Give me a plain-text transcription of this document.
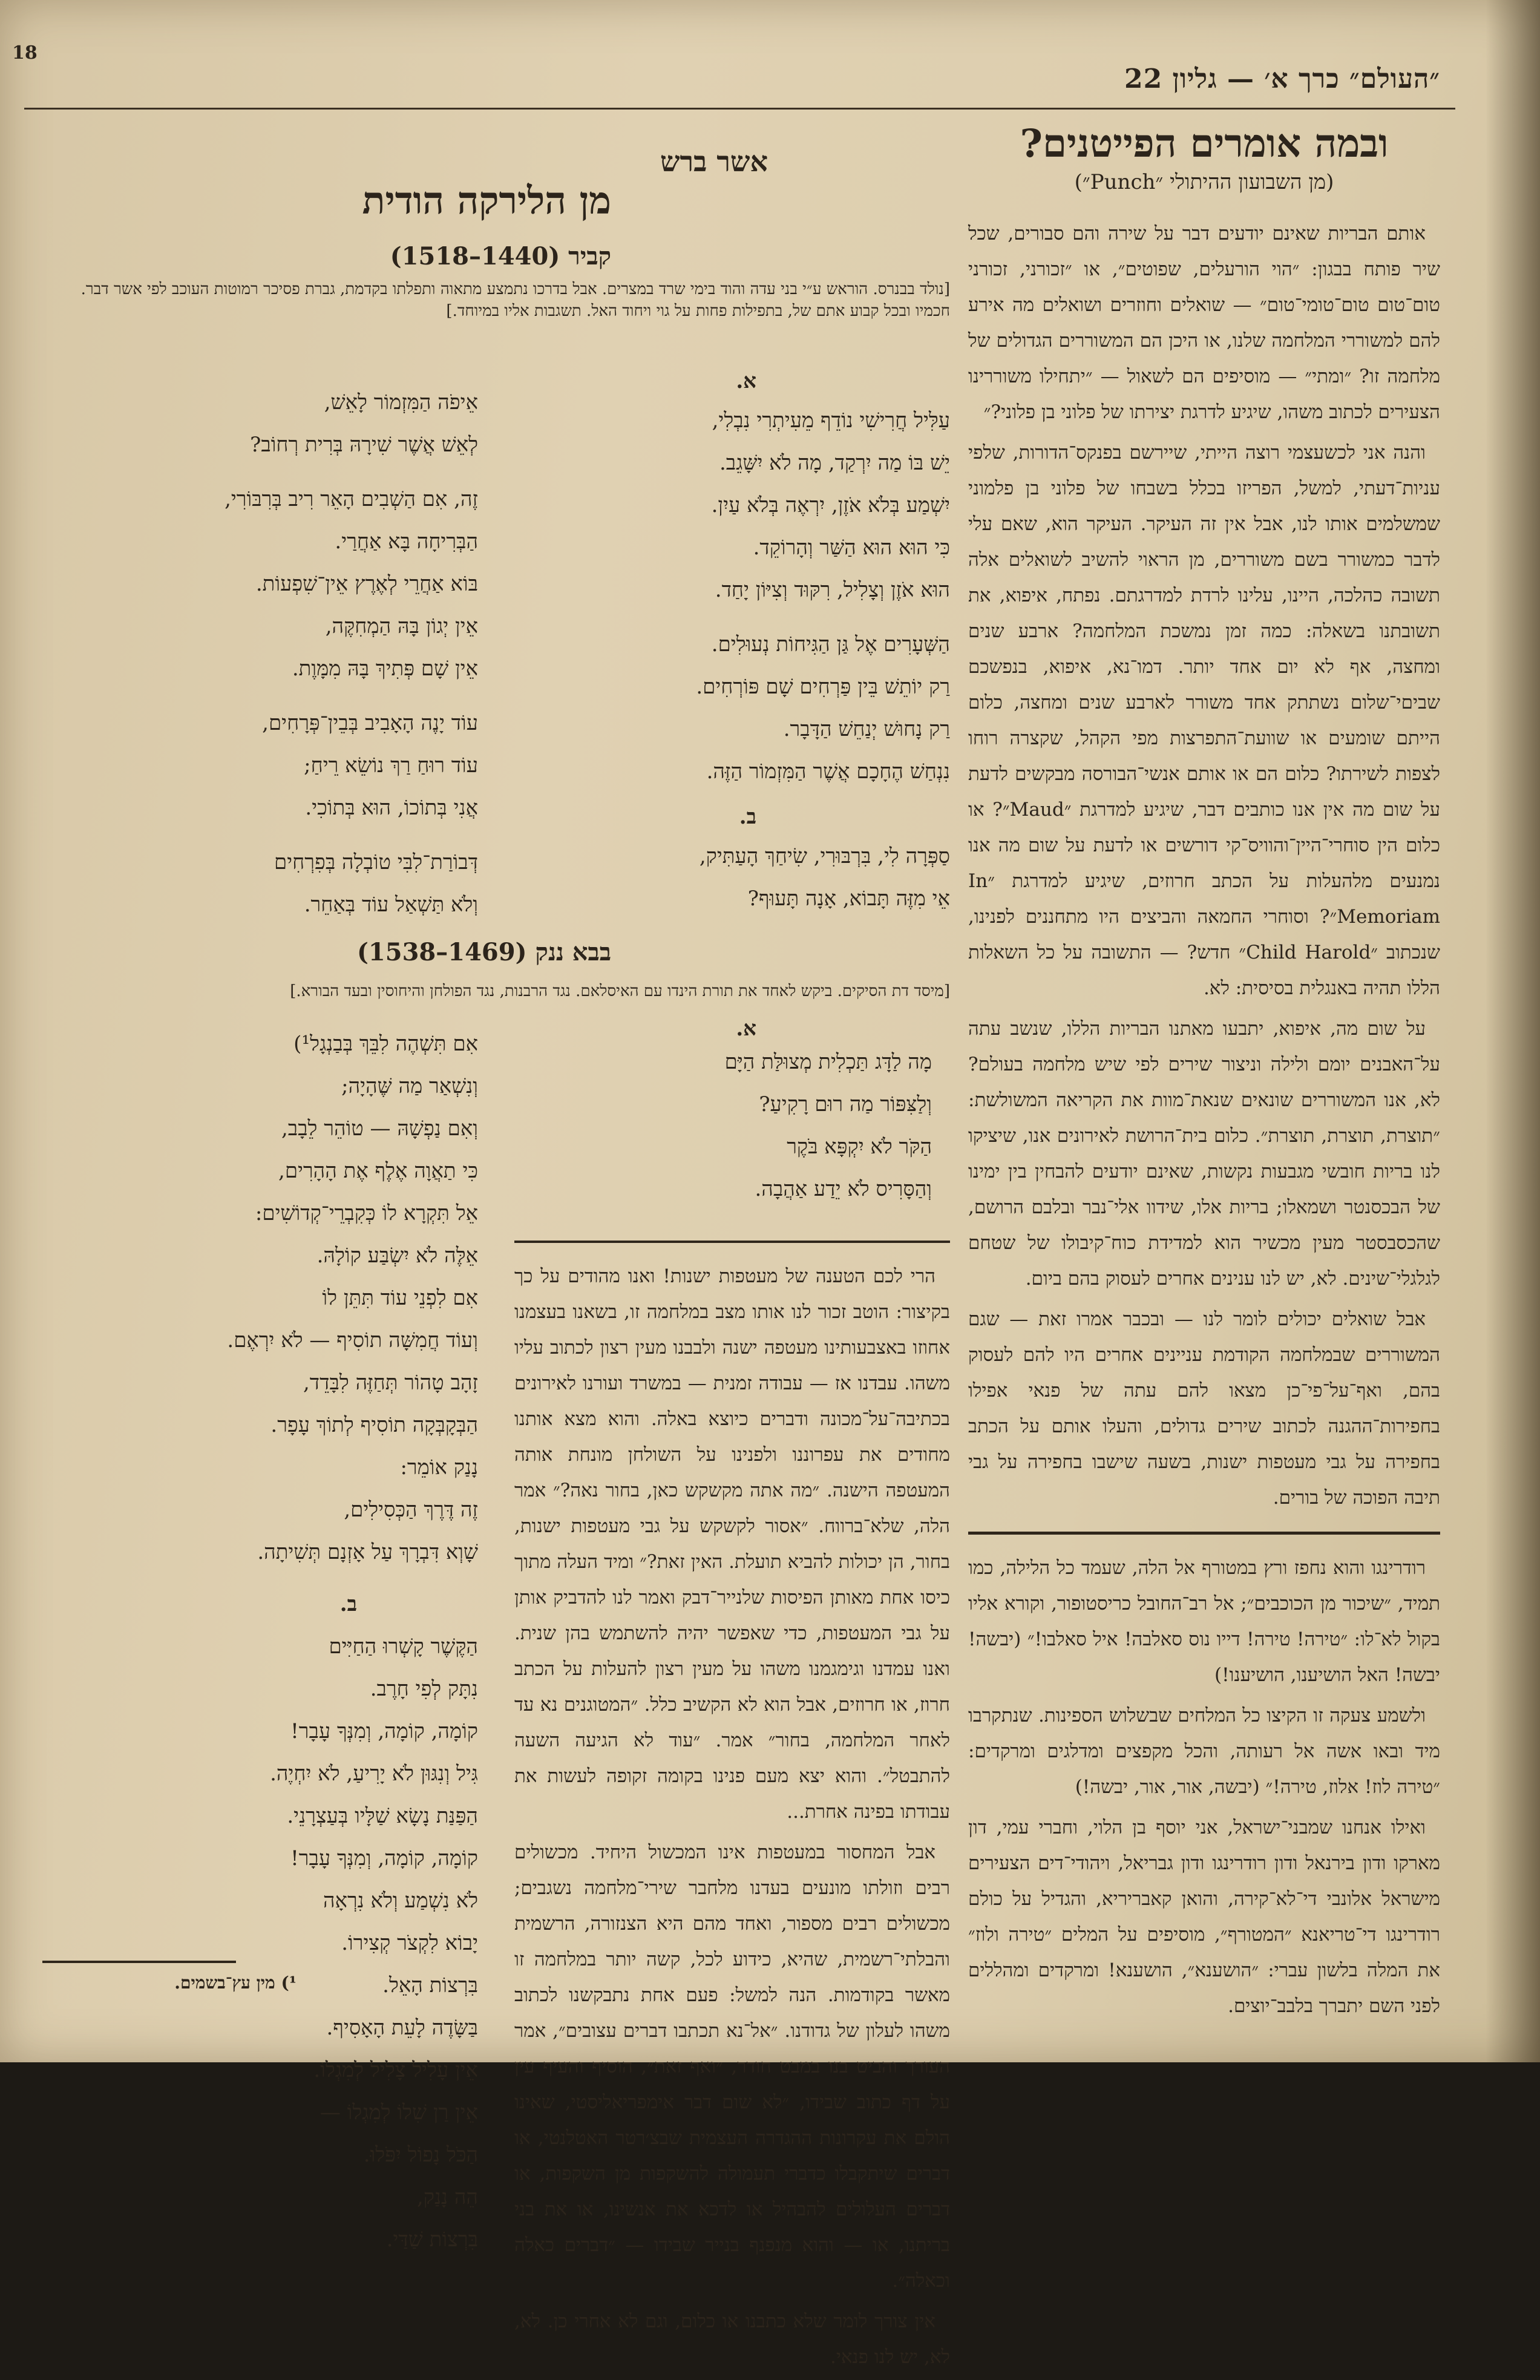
״העולם״ כרך א׳ — גליון 22
18
ובמה אומרים הפייטנים?
(מן השבועון ההיתולי ״Punch״)

אותם הבריות שאינם יודעים דבר על שירה והם סבורים, שכל שיר פותח בבגון: ״הוי הורעלים, שפוטים״, או ״זכורני, זכורני טום־טום טום־טומי־טום״ — שואלים וחוזרים ושואלים מה אירע להם למשוררי המלחמה שלנו, או היכן הם המשוררים הגדולים של מלחמה זו? ״ומתי״ — מוסיפים הם לשאול — ״יתחילו משוררינו הצעירים לכתוב משהו, שיגיע לדרגת יצירתו של פלוני בן פלוני?״

והנה אני לכשעצמי רוצה הייתי, שיירשם בפנקס־הדורות, שלפי עניות־דעתי, למשל, הפריזו בכלל בשבחו של פלוני בן פלמוני שמשלמים אותו לנו, אבל אין זה העיקר. העיקר הוא, שאם עלי לדבר כמשורר בשם משוררים, מן הראוי להשיב לשואלים אלה תשובה כהלכה, היינו, עלינו לרדת למדרגתם. נפתח, איפוא, את תשובתנו בשאלה: כמה זמן נמשכת המלחמה? ארבע שנים ומחצה, אף לא יום אחד יותר. דמו־נא, איפוא, בנפשכם שביםי־שלום נשתתק אחד משורר לארבע שנים ומחצה, כלום הייתם שומעים או שוועת־התפרצות מפי הקהל, שקצרה רוחו לצפות לשירתו? כלום הם או אותם אנשי־הבורסה מבקשים לדעת על שום מה אין אנו כותבים דבר, שיגיע למדרגת ״Maud״? או כלום הין סוחרי־היין־והוויס־קי דורשים או לדעת על שום מה אנו נמנעים מלהעלות על הכתב חרוזים, שיגיע למדרגת ״In Memoriam״? וסוחרי החמאה והביצים היו מתחננים לפנינו, שנכתוב ״Child Harold״ חדש? — התשובה על כל השאלות הללו תהיה באנגלית בסיסית: לא.

על שום מה, איפוא, יתבעו מאתנו הבריות הללו, שנשב עתה על־האבנים יומם ולילה וניצור שירים לפי שיש מלחמה בעולם? לא, אנו המשוררים שונאים שנאת־מוות את הקריאה המשולשת: ״תוצרת, תוצרת, תוצרת״. כלום בית־הרושת לאירונים אנו, שיציקו לנו בריות חובשי מגבעות נקשות, שאינם יודעים להבחין בין ימינו של הבכסנטר ושמאלו; בריות אלו, שידוו אלי־נבר ובלבם הרושם, שהכסבסטר מעין מכשיר הוא למדידת כוח־קיבולו של שטחם לגלגלי־שינים. לא, יש לנו ענינים אחרים לעסוק בהם ביום.

אבל שואלים יכולים לומר לנו — ובכבר אמרו זאת — שגם המשוררים שבמלחמה הקודמת עניינים אחרים היו להם לעסוק בהם, ואף־על־פי־כן מצאו להם עתה של פנאי אפילו בחפירות־ההגנה לכתוב שירים גדולים, והעלו אותם על הכתב בחפירה על גבי מעטפות ישנות, בשעה שישבו בחפירה על גבי תיבה הפוכה של בורים.

רודרינגו והוא נחפז ורץ במטורף אל הלה, שעמד כל הלילה, כמו תמיד, ״שיכור מן הכוכבים״; אל רב־החובל כריסטופור, וקורא אליו בקול לא־לו: ״טירה! טירה! דייו נוס סאלבה! איל סאלבו!״ (יבשה! יבשה! האל הושיענו, הושיענו!)

ולשמע צעקה זו הקיצו כל המלחים שבשלוש הספינות. שנתקרבו מיד ובאו אשה אל רעותה, והכל מקפצים ומדלגים ומרקדים: ״טירה לוז! אלוז, טירה!״ (יבשה, אור, אור, יבשה!)

ואילו אנחנו שמבני־ישראל, אני יוסף בן הלוי, וחברי עמי, דון מארקו ודון בירנאל ודון רודרינגו ודון גבריאל, ויהודי־דים הצעירים מישראל אלונבי די־לא־קירה, והואן קאבריריא, והגדיל על כולם רודרינגו די־טריאנא ״המטורף״, מוסיפים על המלים ״טירה ולוז״ את המלה בלשון עברי: ״הושענא״, הושענא! ומרקדים ומהללים לפני השם יתברך בלבב־יוצים.

אשר ברש
מן הלירקה הודית
קביר (1440–1518)
[נולד בבנרס. הוראש ע״י בני עדה והוד בימי שרד במצרים. אבל בדרכו נתמצע מתאוה ותפלתו בקדמת, גברת פסיכר רמוטות העוכב לפי אשר דבר. חכמיו ובכל קבוע אתם של, בתפילות פחות על גוי ויחוד האל. תשגבות אליו במיוחד.]
א.
עַלִּיל חֲרִישִׁי נוֹדֵף מֵעִיתְרִי נִבְלִי,
יֵשׁ בּוֹ מַה יִרְקַד, מָה לֹא יִשָּׁגֵב.
יִשְׁמַע בְּלֹא אֹזֶן, יִרְאֶה בְּלֹא עַיִן.
כִּי הוּא הוּא הַשַּׁר וְהָרוֹקֵד.
הוּא אֹזֶן וְצָלִיל, רִקּוּד וְצִיּוֹן יָחַד.
הַשְּׁעָרִים אֶל גַּן הַגִּיחוֹת נְעוּלִים.
רַק יוֹתֵשׁ בֵּין פַּרְחִים שָׁם פּוֹרְחִים.
רַק נָחוּשׁ יְנַחֵשׁ הַדָּבָר.
נִנְחַשׁ הֶחָכָם אֲשֶׁר הַמִּזְמוֹר הַזֶּה.
אֵיפֹה הַמִּזְמוֹר לָאֵשׁ,
לְאֵשׁ אֲשֶׁר שִׁירָהּ בְּרִית רְחוֹב?
זֶה, אִם הַשְׁבִים הָאֵר רִיב בְּרִבּוֹרִי,
הַבְּרִיחָה בָּא אַחֲרַי.
בּוֹא אַחֲרֵי לְאֶרֶץ אֵין־שִׁפְעוֹת.
אֵין יְגוֹן בָּהּ הַמְחִקֶּה,
אֵין שָׁם פְּתִיךְ בָּהּ מִמָּוֶת.
עוֹד יָנֶה הָאָבִיב בְּבֵין־פְּרָחִים,
עוֹד רוּחַ רַךְ נוֹשֵׂא רֵיחַ;
אֲנִי בְּתוֹכוֹ, הוּא בְּתוֹכִי.
דְּבוֹרַת־לִבִּי טוֹבְלָה בְּפִרְחִים
וְלֹא תַּשְׁאַל עוֹד בְּאַחֵר.
ב.
סַפְּרָה לִי, בִּרְבּוּרִי, שִׂיחַךְ הָעַתִּיק,
אֵי מִזֶּה תָּבוֹא, אָנָה תָּעוּף?
בבא ננק (1469–1538)
[מיסד דת הסיקים. ביקש לאחד את תורת הינדו עם האיסלאם. נגד הרבנות, נגד הפולחן והיחוסין ובעד הבורא.]
א.
מָה לַדָּג תַּכְלִית מְצוּלַּת הַיָּם
וְלַצִּפּוֹר מַה רוּם רָקִיעַ?
הַקֹּר לֹא יִקְפָּא בֹּקֶר
וְהַסָּרִיס לֹא יֵדַע אַהֲבָה.
אִם תִּשְׁהֶה לִבֵּךְ בְּבַנְגָל¹)
וְנִשְׁאַר מַה שֶּׁהָיָה;
וְאִם נַפְשָׁהּ — טוֹהֵר לֵבָב,
כִּי תַאֲוָה אֶלֶף אֶת הָהָרִים,
אֵל תִּקְרָא לוֹ כְּקִבְרֵי־קְדוֹשִׁים:
אֵלֶּה לֹא יִשְׂבַּע קוֹלָהּ.
אִם לִפְנֵי עוֹד תִּתֵּן לוֹ
וְעוֹד חֲמִשָּׁה תוֹסִיף — לֹא יִרְאֶם.
זָהָב טָהוֹר תְּחַזֶּה לִבָּדֵד,
הַבְּקָבְּקָה תוֹסִיף לְתוֹךְ עָפָר.
נָנַק אוֹמֵר:
זֶה דֶּרֶךְ הַכְּסִילִים,
שָׁוְא דִּבְרָךְ עַל אָזְנָם תְּשִׁיתָה.
ב.
הַקֶּשֶׁר קָשְׁרוּ הַחַיִּים
נִתָּק לְפִי חָרֶב.
קוֹמָה, קוֹמָה, וְמִנְּךָ עָבָר!
גִּיל וְנִגּוּן לֹא יָרִיעַ, לֹא יִחְיֶה.
הַפַּנַּת נָשָׂא שַׁלָּיו בְּעַצְרָנֵי.
קוֹמָה, קוֹמָה, וְמִנְּךָ עָבָר!
לֹא נִשְׁמַע וְלֹא נִרְאָה
יָבוֹא לִקְצֹר קְצִירוֹ.
בִּרְצוֹת הָאֵל.
בַּשָּׂדֶה לָעֵת הָאָסִיף.
אֵין עָלִיל צָלִיל לְמִגְלוֹ.
אֵין רַן שִׁלוֹ לְמִגְלוֹ —
הַכֹּל נָפוֹל יִפֹּלוּ.
הֵה נָנַק,
בִּרְצוֹת שַׁדַּי.

הרי לכם הטענה של מעטפות ישנות! ואנו מהודים על כך בקיצור: הוטב זכור לנו אותו מצב במלחמה זו, בשאנו בעצמנו אחוזו באצבעותינו מעטפה ישנה ולבבנו מעין רצון לכתוב עליו משהו. עבדנו אז — עבודה זמנית — במשרד ועורנו לאירונים בכתיבה־על־מכונה ודברים כיוצא באלה. והוא מצא אותנו מחודים את עפרוננו ולפנינו על השולחן מונחת אותה המעטפה הישנה. ״מה אתה מקשקש כאן, בחור נאה?״ אמר הלה, שלא־ברווח. ״אסור לקשקש על גבי מעטפות ישנות, בחור, הן יכולות להביא תועלת. האין זאת?״ ומיד העלה מתוך כיסו אחת מאותן הפיסות שלנייר־דבק ואמר לנו להדביק אותן על גבי המעטפות, כדי שאפשר יהיה להשתמש בהן שנית. ואנו עמדנו וגימגמנו משהו על מעין רצון להעלות על הכתב חרוז, או חרוזים, אבל הוא לא הקשיב כלל. ״המטוגנים נא עד לאחר המלחמה, בחור״ אמר. ״עוד לא הגיעה השעה להתבטל״. והוא יצא מעם פנינו בקומה זקופה לעשות את עבודתו בפינה אחרת...

אבל המחסור במעטפות אינו המכשול היחיד. מכשולים רבים וזולתו מונעים בעדנו מלחבר שירי־מלחמה נשגבים; מכשולים רבים מספור, ואחד מהם היא הצנזורה, הרשמית והבלתי־רשמית, שהיא, כידוע לכל, קשה יותר במלחמה זו מאשר בקודמות. הנה למשל: פעם אחת נתבקשנו לכתוב משהו לעלון של גדודנו. ״אל־נא תכתבו דברים עצובים״, אמר העורך והביט בנו במבט חודר, ״ואף זאת״, הוסיף והעיף עין על דף כתוב שבידו, ״לא שום דבר אימפריאליסטי, שאינו הולם את עקרונות ההגדרה העצמית שבצ׳רטר האטלנטי, או דברים שיתקבלו כדברי תעמולה להשקפות מן השקפות, או דברים העלולים להבהיל או לדכא את אנשינו, או את בני בריתנו, או — והוא מנפנף בנייר שבידו — ״דברים כאלה וכאלה״.

אין צורך לומר שלא כתבנו או כלום, וגם לא אחרי כן. לא, לא, יש לנו פנאי.

¹) מין עץ־בשמים.
